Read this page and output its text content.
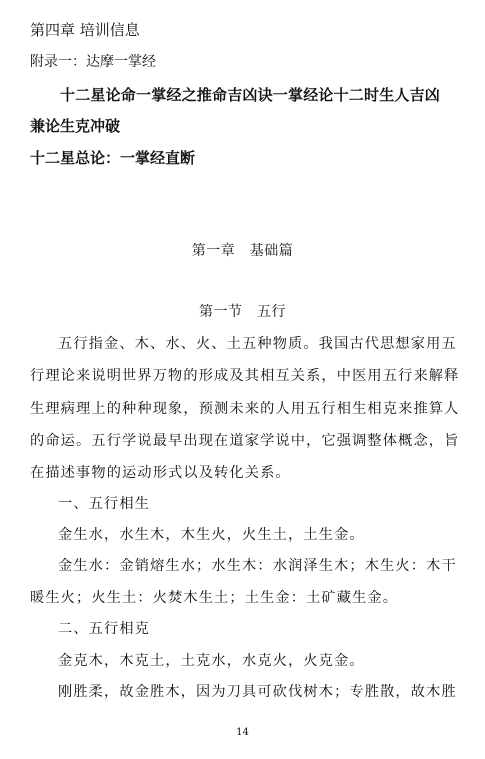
第四章 培训信息
附录一：达摩一掌经
十二星论命一掌经之推命吉凶诀一掌经论十二时生人吉凶
兼论生克冲破
十二星总论：一掌经直断
第一章　基础篇
第一节　五行
五行指金、木、水、火、土五种物质。我国古代思想家用五
行理论来说明世界万物的形成及其相互关系，中医用五行来解释
生理病理上的种种现象，预测未来的人用五行相生相克来推算人
的命运。五行学说最早出现在道家学说中，它强调整体概念，旨
在描述事物的运动形式以及转化关系。
一、五行相生
金生水，水生木，木生火，火生土，土生金。
金生水：金销熔生水；水生木：水润泽生木；木生火：木干
暖生火；火生土：火焚木生土；土生金：土矿藏生金。
二、五行相克
金克木，木克土，土克水，水克火，火克金。
刚胜柔，故金胜木，因为刀具可砍伐树木；专胜散，故木胜
14
